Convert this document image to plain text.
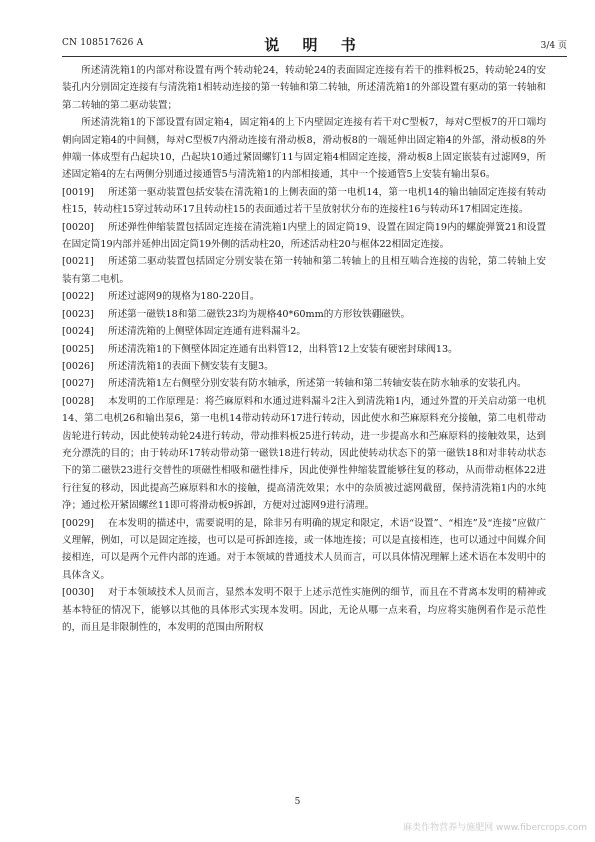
CN 108517626 A	说 明 书	3/4 页

所述清洗箱1的内部对称设置有两个转动轮24，转动轮24的表面固定连接有若干的推料板25，转动轮24的安装孔内分别固定连接有与清洗箱1相转动连接的第一转轴和第二转轴，所述清洗箱1的外部设置有驱动的第一转轴和第二转轴的第二驱动装置；

所述清洗箱1的下部设置有固定箱4，固定箱4的上下内壁固定连接有若干对C型板7，每对C型板7的开口端均朝向固定箱4的中间侧，每对C型板7内滑动连接有滑动板8，滑动板8的一端延伸出固定箱4的外部，滑动板8的外伸端一体成型有凸起块10，凸起块10通过紧固螺钉11与固定箱4相固定连接，滑动板8上固定嵌装有过滤网9，所述固定箱4的左右两侧分别通过接通管5与清洗箱1的内部相接通，其中一个接通管5上安装有输出泵6。

[0019] 所述第一驱动装置包括安装在清洗箱1的上侧表面的第一电机14，第一电机14的输出轴固定连接有转动柱15，转动柱15穿过转动环17且转动柱15的表面通过若干呈放射状分布的连接柱16与转动环17相固定连接。

[0020] 所述弹性伸缩装置包括固定连接在清洗箱1内壁上的固定筒19、设置在固定筒19内的螺旋弹簧21和设置在固定筒19内部并延伸出固定筒19外侧的活动柱20，所述活动柱20与框体22相固定连接。

[0021] 所述第二驱动装置包括固定分别安装在第一转轴和第二转轴上的且相互啮合连接的齿轮，第二转轴上安装有第二电机。

[0022] 所述过滤网9的规格为180-220目。

[0023] 所述第一磁铁18和第二磁铁23均为规格40*60mm的方形钕铁硼磁铁。

[0024] 所述清洗箱的上侧壁体固定连通有进料漏斗2。

[0025] 所述清洗箱1的下侧壁体固定连通有出料管12，出料管12上安装有硬密封球阀13。

[0026] 所述清洗箱1的表面下侧安装有支腿3。

[0027] 所述清洗箱1左右侧壁分别安装有防水轴承，所述第一转轴和第二转轴安装在防水轴承的安装孔内。

[0028] 本发明的工作原理是：将苎麻原料和水通过进料漏斗2注入到清洗箱1内，通过外置的开关启动第一电机14、第二电机26和输出泵6，第一电机14带动转动环17进行转动，因此使水和苎麻原料充分接触，第二电机带动齿轮进行转动，因此使转动轮24进行转动，带动推料板25进行转动，进一步提高水和苎麻原料的接触效果，达到充分漂洗的目的；由于转动环17转动带动第一磁铁18进行转动，因此使转动状态下的第一磁铁18和对非转动状态下的第二磁铁23进行交替性的项磁性相吸和磁性排斥，因此使弹性伸缩装置能够往复的移动，从而带动框体22进行往复的移动，因此提高苎麻原料和水的接触，提高清洗效果；水中的杂质被过滤网截留，保持清洗箱1内的水纯净；通过松开紧固螺丝11即可将滑动板9拆卸，方便对过滤网9进行清理。

[0029] 在本发明的描述中，需要说明的是，除非另有明确的规定和限定，术语“设置”、“相连”及“连接”应做广义理解，例如，可以是固定连接，也可以是可拆卸连接，或一体地连接；可以是直接相连，也可以通过中间媒介间接相连，可以是两个元件内部的连通。对于本领域的普通技术人员而言，可以具体情况理解上述术语在本发明中的具体含义。

[0030] 对于本领域技术人员而言，显然本发明不限于上述示范性实施例的细节，而且在不背离本发明的精神或基本特征的情况下，能够以其他的具体形式实现本发明。因此，无论从哪一点来看，均应将实施例看作是示范性的，而且是非限制性的，本发明的范围由所附权

5
麻类作物营养与施肥网 www.fibercrops.com
